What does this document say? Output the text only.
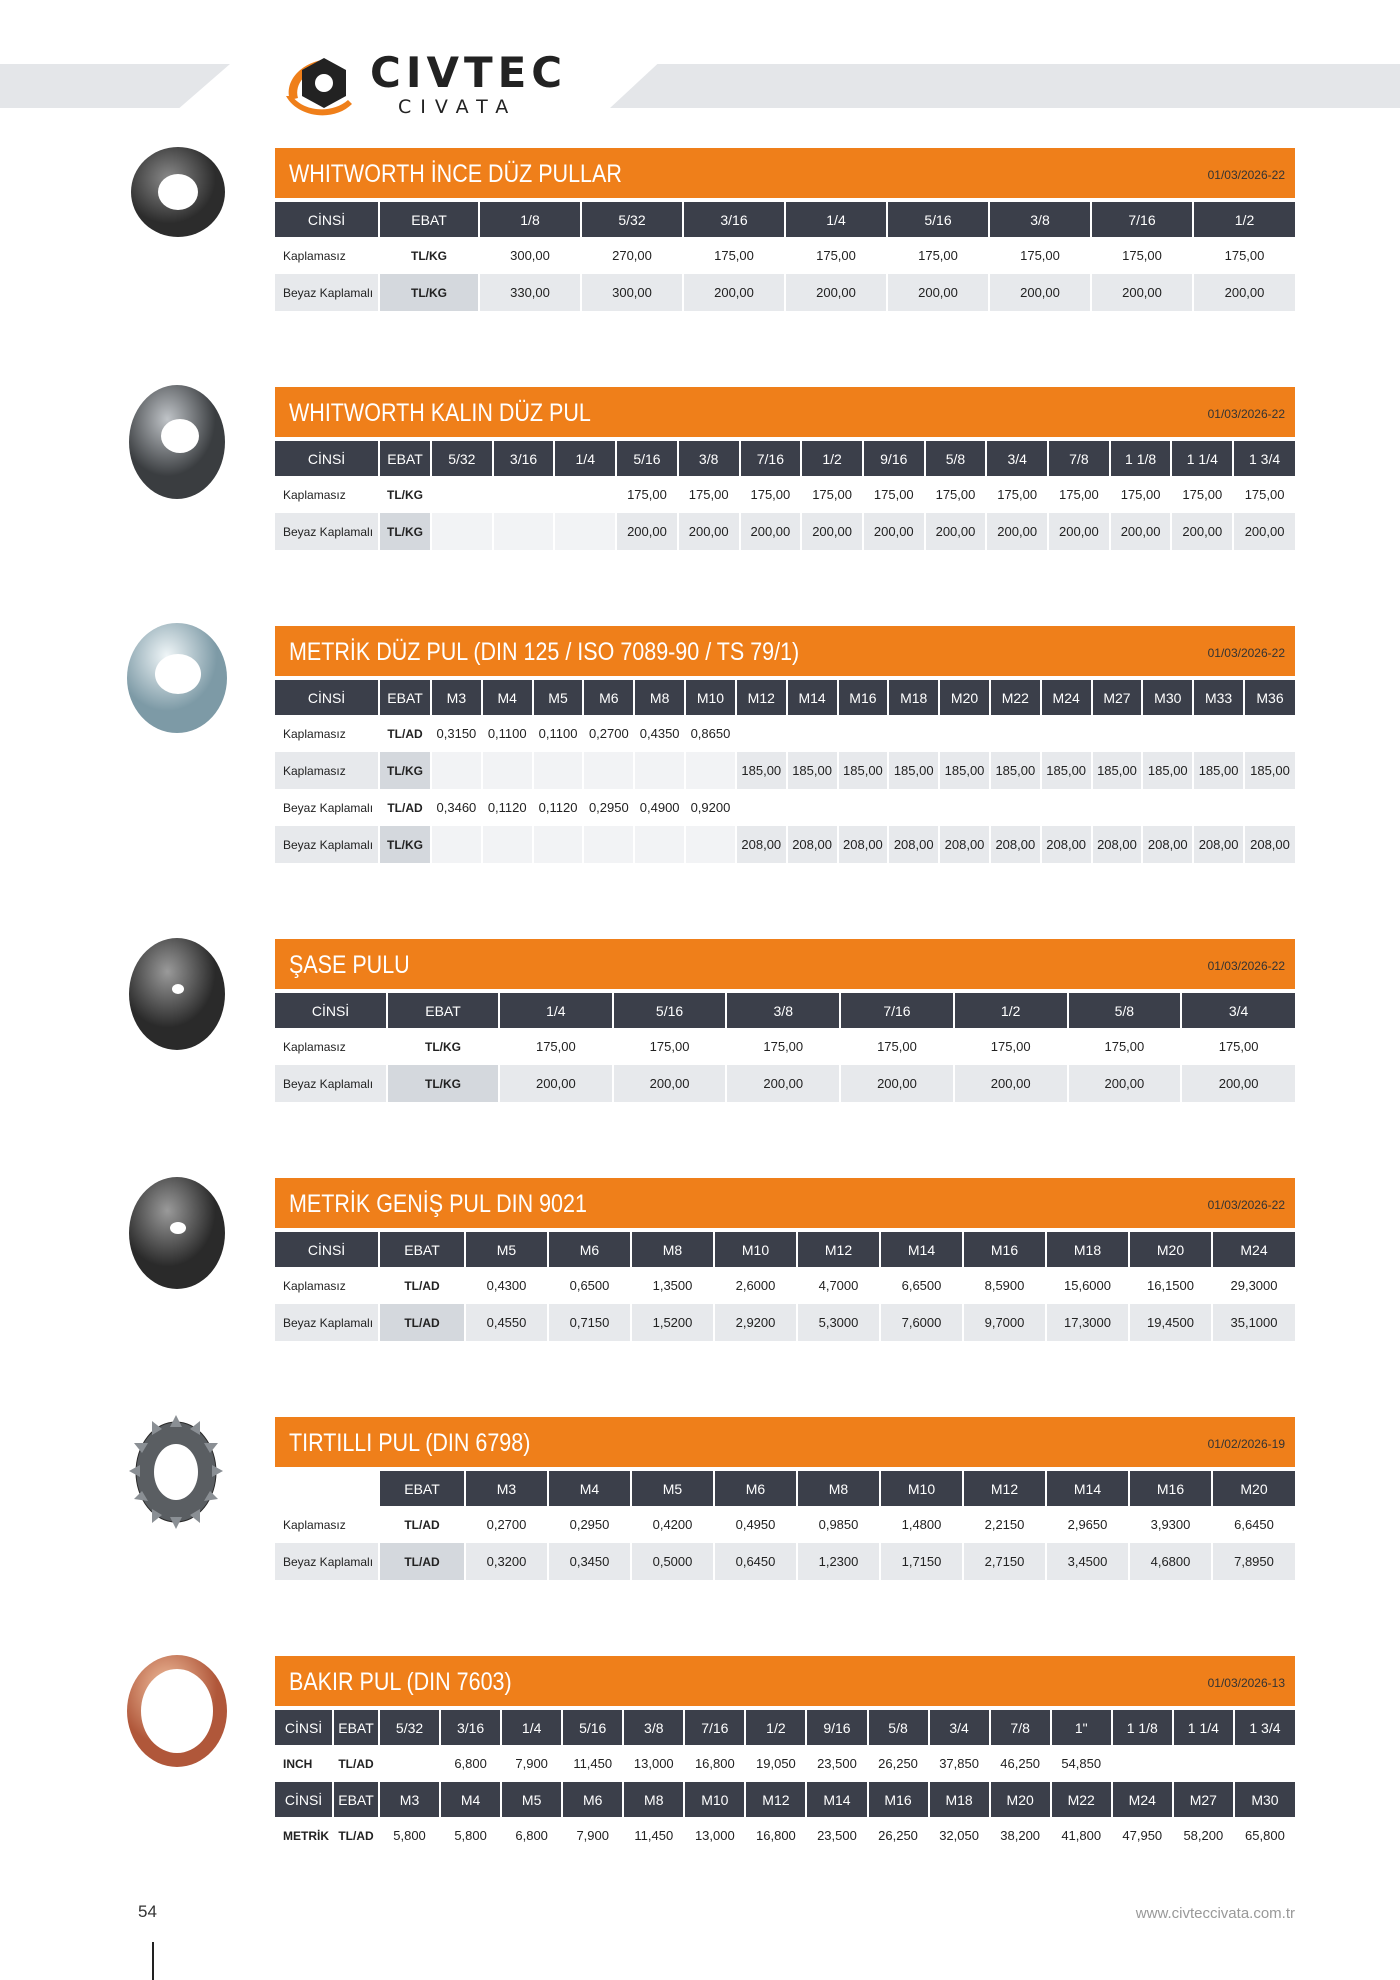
CIVTEC
CIVATA
WHITWORTH İNCE DÜZ PULLAR	01/03/2026-22
CİNSİ	EBAT	1/8	5/32	3/16	1/4	5/16	3/8	7/16	1/2
Kaplamasız	TL/KG	300,00	270,00	175,00	175,00	175,00	175,00	175,00	175,00
Beyaz Kaplamalı	TL/KG	330,00	300,00	200,00	200,00	200,00	200,00	200,00	200,00
WHITWORTH KALIN DÜZ PUL	01/03/2026-22
CİNSİ	EBAT	5/32	3/16	1/4	5/16	3/8	7/16	1/2	9/16	5/8	3/4	7/8	1 1/8	1 1/4	1 3/4
Kaplamasız	TL/KG				175,00	175,00	175,00	175,00	175,00	175,00	175,00	175,00	175,00	175,00	175,00
Beyaz Kaplamalı	TL/KG				200,00	200,00	200,00	200,00	200,00	200,00	200,00	200,00	200,00	200,00	200,00
METRİK DÜZ PUL (DIN 125 / ISO 7089-90 / TS 79/1)	01/03/2026-22
CİNSİ	EBAT	M3	M4	M5	M6	M8	M10	M12	M14	M16	M18	M20	M22	M24	M27	M30	M33	M36
Kaplamasız	TL/AD	0,3150	0,1100	0,1100	0,2700	0,4350	0,8650											
Kaplamasız	TL/KG							185,00	185,00	185,00	185,00	185,00	185,00	185,00	185,00	185,00	185,00	185,00
Beyaz Kaplamalı	TL/AD	0,3460	0,1120	0,1120	0,2950	0,4900	0,9200											
Beyaz Kaplamalı	TL/KG							208,00	208,00	208,00	208,00	208,00	208,00	208,00	208,00	208,00	208,00	208,00
ŞASE PULU	01/03/2026-22
CİNSİ	EBAT	1/4	5/16	3/8	7/16	1/2	5/8	3/4
Kaplamasız	TL/KG	175,00	175,00	175,00	175,00	175,00	175,00	175,00
Beyaz Kaplamalı	TL/KG	200,00	200,00	200,00	200,00	200,00	200,00	200,00
METRİK GENİŞ PUL DIN 9021	01/03/2026-22
CİNSİ	EBAT	M5	M6	M8	M10	M12	M14	M16	M18	M20	M24
Kaplamasız	TL/AD	0,4300	0,6500	1,3500	2,6000	4,7000	6,6500	8,5900	15,6000	16,1500	29,3000
Beyaz Kaplamalı	TL/AD	0,4550	0,7150	1,5200	2,9200	5,3000	7,6000	9,7000	17,3000	19,4500	35,1000
TIRTILLI PUL (DIN 6798)	01/02/2026-19
	EBAT	M3	M4	M5	M6	M8	M10	M12	M14	M16	M20
Kaplamasız	TL/AD	0,2700	0,2950	0,4200	0,4950	0,9850	1,4800	2,2150	2,9650	3,9300	6,6450
Beyaz Kaplamalı	TL/AD	0,3200	0,3450	0,5000	0,6450	1,2300	1,7150	2,7150	3,4500	4,6800	7,8950
BAKIR PUL (DIN 7603)	01/03/2026-13
CİNSİ	EBAT	5/32	3/16	1/4	5/16	3/8	7/16	1/2	9/16	5/8	3/4	7/8	1"	1 1/8	1 1/4	1 3/4
INCH	TL/AD		6,800	7,900	11,450	13,000	16,800	19,050	23,500	26,250	37,850	46,250	54,850			
CİNSİ	EBAT	M3	M4	M5	M6	M8	M10	M12	M14	M16	M18	M20	M22	M24	M27	M30
METRİK	TL/AD	5,800	5,800	6,800	7,900	11,450	13,000	16,800	23,500	26,250	32,050	38,200	41,800	47,950	58,200	65,800
54	www.civteccivata.com.tr
